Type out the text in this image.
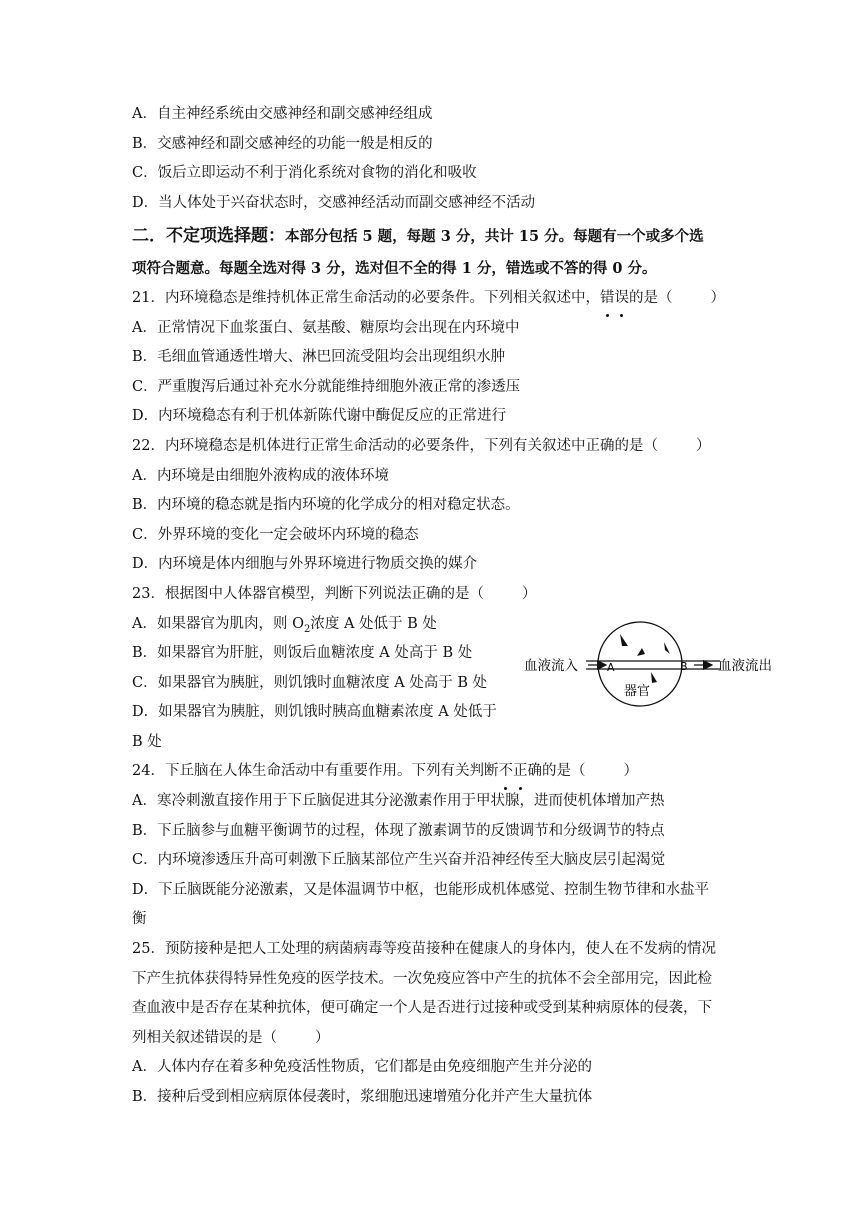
A．自主神经系统由交感神经和副交感神经组成
B．交感神经和副交感神经的功能一般是相反的
C．饭后立即运动不利于消化系统对食物的消化和吸收
D．当人体处于兴奋状态时，交感神经活动而副交感神经不活动
二．不定项选择题：本部分包括 5 题，每题 3 分，共计 15 分。每题有一个或多个选
项符合题意。每题全选对得 3 分，选对但不全的得 1 分，错选或不答的得 0 分。
21．内环境稳态是维持机体正常生命活动的必要条件。下列相关叙述中，错误的是（	）
A．正常情况下血浆蛋白、氨基酸、糖原均会出现在内环境中
B．毛细血管通透性增大、淋巴回流受阻均会出现组织水肿
C．严重腹泻后通过补充水分就能维持细胞外液正常的渗透压
D．内环境稳态有利于机体新陈代谢中酶促反应的正常进行
22．内环境稳态是机体进行正常生命活动的必要条件，下列有关叙述中正确的是（	）
A．内环境是由细胞外液构成的液体环境
B．内环境的稳态就是指内环境的化学成分的相对稳定状态。
C．外界环境的变化一定会破坏内环境的稳态
D．内环境是体内细胞与外界环境进行物质交换的媒介
23．根据图中人体器官模型，判断下列说法正确的是（	）
A．如果器官为肌肉，则 $O_2$浓度 A 处低于 B 处
B．如果器官为肝脏，则饭后血糖浓度 A 处高于 B 处
C．如果器官为胰脏，则饥饿时血糖浓度 A 处高于 B 处
D．如果器官为胰脏，则饥饿时胰高血糖素浓度 A 处低于
B 处
24．下丘脑在人体生命活动中有重要作用。下列有关判断不正确的是（	）
A．寒冷刺激直接作用于下丘脑促进其分泌激素作用于甲状腺，进而使机体增加产热
B．下丘脑参与血糖平衡调节的过程，体现了激素调节的反馈调节和分级调节的特点
C．内环境渗透压升高可刺激下丘脑某部位产生兴奋并沿神经传至大脑皮层引起渴觉
D．下丘脑既能分泌激素，又是体温调节中枢，也能形成机体感觉、控制生物节律和水盐平
衡
25．预防接种是把人工处理的病菌病毒等疫苗接种在健康人的身体内，使人在不发病的情况
下产生抗体获得特异性免疫的医学技术。一次免疫应答中产生的抗体不会全部用完，因此检
查血液中是否存在某种抗体，便可确定一个人是否进行过接种或受到某种病原体的侵袭，下
列相关叙述错误的是（	）
A．人体内存在着多种免疫活性物质，它们都是由免疫细胞产生并分泌的
B．接种后受到相应病原体侵袭时，浆细胞迅速增殖分化并产生大量抗体
血液流入	血液流出
A	B
器官
